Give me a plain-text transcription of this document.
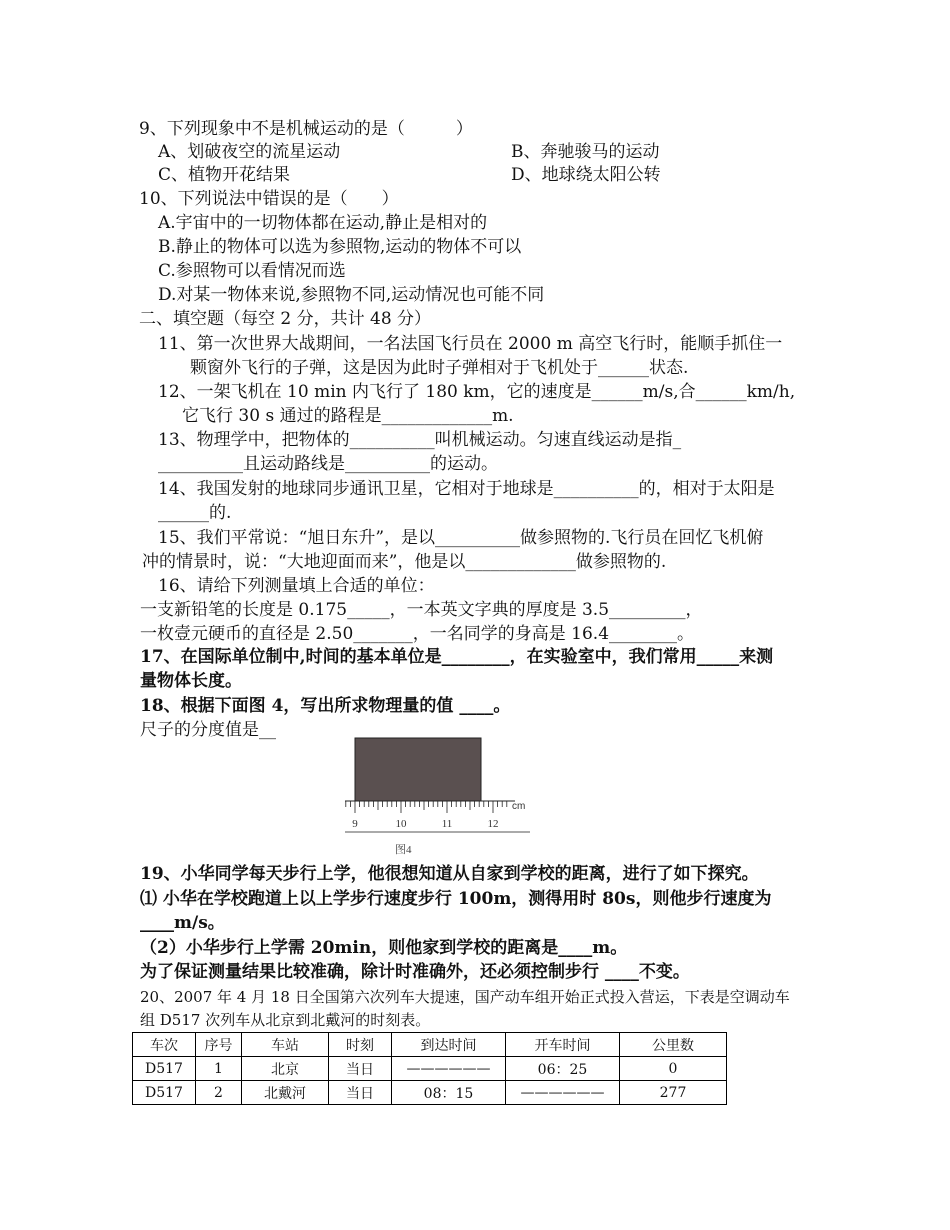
9、下列现象中不是机械运动的是（　　　）
A、划破夜空的流星运动	B、奔驰骏马的运动
C、植物开花结果	D、地球绕太阳公转
10、下列说法中错误的是（　　）
A.宇宙中的一切物体都在运动,静止是相对的
B.静止的物体可以选为参照物,运动的物体不可以
C.参照物可以看情况而选
D.对某一物体来说,参照物不同,运动情况也可能不同
二、填空题（每空 2 分，共计 48 分）
11、第一次世界大战期间，一名法国飞行员在 2000 m 高空飞行时，能顺手抓住一
颗窗外飞行的子弹，这是因为此时子弹相对于飞机处于______状态.
12、一架飞机在 10 min 内飞行了 180 km，它的速度是______m/s,合______km/h,
它飞行 30 s 通过的路程是_____________m.
13、物理学中，把物体的__________叫机械运动。匀速直线运动是指_
__________且运动路线是__________的运动。
14、我国发射的地球同步通讯卫星，它相对于地球是__________的，相对于太阳是
______的.
15、我们平常说：“旭日东升”，是以__________做参照物的.飞行员在回忆飞机俯
冲的情景时，说：“大地迎面而来”，他是以_____________做参照物的.
16、请给下列测量填上合适的单位：
一支新铅笔的长度是 0.175_____，一本英文字典的厚度是 3.5_________，
一枚壹元硬币的直径是 2.50_______，一名同学的身高是 16.4________。
17、在国际单位制中,时间的基本单位是________，在实验室中，我们常用_____来测
量物体长度。
18、根据下面图 4，写出所求物理量的值 ____。
尺子的分度值是__
cm
9	10	11	12
图4
19、小华同学每天步行上学，他很想知道从自家到学校的距离，进行了如下探究。
⑴ 小华在学校跑道上以上学步行速度步行 100m，测得用时 80s，则他步行速度为
____m/s。
（2）小华步行上学需 20min，则他家到学校的距离是____m。
为了保证测量结果比较准确，除计时准确外，还必须控制步行 ____不变。
20、2007 年 4 月 18 日全国第六次列车大提速，国产动车组开始正式投入营运，下表是空调动车
组 D517 次列车从北京到北戴河的时刻表。
车次	序号	车站	时刻	到达时间	开车时间	公里数
D517	1	北京	当日	——————	06：25	0
D517	2	北戴河	当日	08：15	——————	277
